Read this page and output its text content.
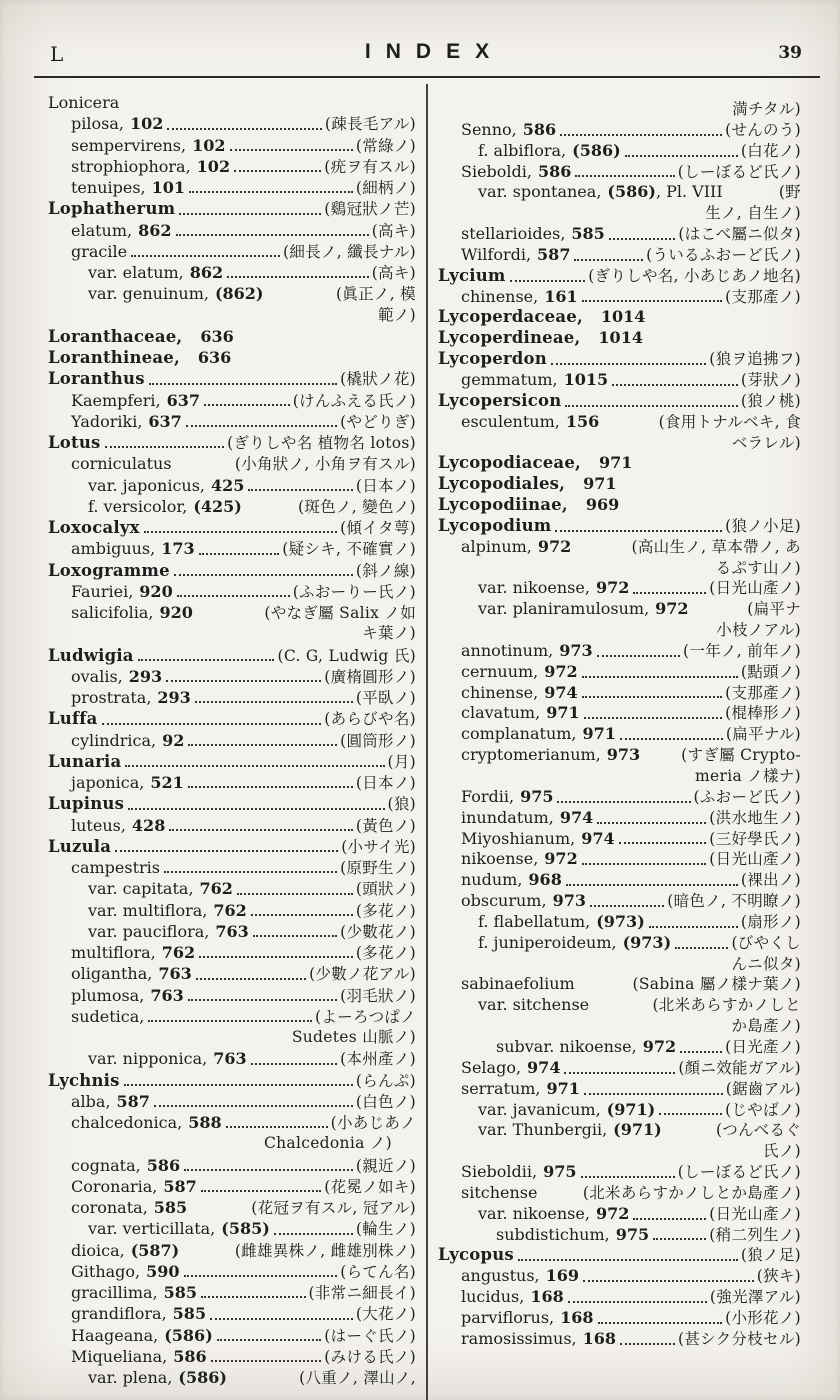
L	INDEX	39
Lonicera
pilosa, 102	(疎長毛アル)
sempervirens, 102	(常綠ノ)
strophiophora, 102	(疣ヲ有スル)
tenuipes, 101	(細柄ノ)
Lophatherum	(鷄冠狀ノ芒)
elatum, 862	(高キ)
gracile	(細長ノ, 纖長ナル)
var. elatum, 862	(高キ)
var. genuinum, (862)	(眞正ノ, 模
範ノ)
Loranthaceae, 636
Loranthineae, 636
Loranthus	(橇狀ノ花)
Kaempferi, 637	(けんふえる氏ノ)
Yadoriki, 637	(やどりぎ)
Lotus	(ぎりしや名 植物名 lotos)
corniculatus	(小角狀ノ, 小角ヲ有スル)
var. japonicus, 425	(日本ノ)
f. versicolor, (425)	(斑色ノ, 變色ノ)
Loxocalyx	(傾イタ萼)
ambiguus, 173	(疑シキ, 不確實ノ)
Loxogramme	(斜ノ線)
Fauriei, 920	(ふおーりー氏ノ)
salicifolia, 920	(やなぎ屬 Salix ノ如
キ葉ノ)
Ludwigia	(C. G, Ludwig 氏)
ovalis, 293	(廣楕圓形ノ)
prostrata, 293	(平臥ノ)
Luffa	(あらびや名)
cylindrica, 92	(圓筒形ノ)
Lunaria	(月)
japonica, 521	(日本ノ)
Lupinus	(狼)
luteus, 428	(黃色ノ)
Luzula	(小サイ光)
campestris	(原野生ノ)
var. capitata, 762	(頭狀ノ)
var. multiflora, 762	(多花ノ)
var. pauciflora, 763	(少數花ノ)
multiflora, 762	(多花ノ)
oligantha, 763	(少數ノ花アル)
plumosa, 763	(羽毛狀ノ)
sudetica,	(よーろつぱノ
Sudetes 山脈ノ)
var. nipponica, 763	(本州產ノ)
Lychnis	(らんぷ)
alba, 587	(白色ノ)
chalcedonica, 588	(小あじあノ
Chalcedonia ノ)
cognata, 586	(親近ノ)
Coronaria, 587	(花冕ノ如キ)
coronata, 585	(花冠ヲ有スル, 冠アル)
var. verticillata, (585)	(輪生ノ)
dioica, (587)	(雌雄異株ノ, 雌雄別株ノ)
Githago, 590	(らてん名)
gracillima, 585	(非常ニ細長イ)
grandiflora, 585	(大花ノ)
Haageana, (586)	(はーぐ氏ノ)
Miqueliana, 586	(みける氏ノ)
var. plena, (586)	(八重ノ, 澤山ノ,
満チタル)
Senno, 586	(せんのう)
f. albiflora, (586)	(白花ノ)
Sieboldi, 586	(しーぼるど氏ノ)
var. spontanea, (586) , Pl. VIII	(野
生ノ, 自生ノ)
stellarioides, 585	(はこべ屬ニ似タ)
Wilfordi, 587	(ういるふおーど氏ノ)
Lycium	(ぎりしや名, 小あじあノ地名)
chinense, 161	(支那產ノ)
Lycoperdaceae, 1014
Lycoperdineae, 1014
Lycoperdon	(狼ヲ追拂フ)
gemmatum, 1015	(芽狀ノ)
Lycopersicon	(狼ノ桃)
esculentum, 156	(食用トナルベキ, 食
ベラレル)
Lycopodiaceae, 971
Lycopodiales, 971
Lycopodiinae, 969
Lycopodium	(狼ノ小足)
alpinum, 972	(高山生ノ, 草本帶ノ, あ
るぷす山ノ)
var. nikoense, 972	(日光山產ノ)
var. planiramulosum, 972	(扁平ナ
小枝ノアル)
annotinum, 973	(一年ノ, 前年ノ)
cernuum, 972	(點頭ノ)
chinense, 974	(支那產ノ)
clavatum, 971	(棍棒形ノ)
complanatum, 971	(扁平ナル)
cryptomerianum, 973	(すぎ屬 Crypto-
meria ノ樣ナ)
Fordii, 975	(ふおーど氏ノ)
inundatum, 974	(洪水地生ノ)
Miyoshianum, 974	(三好學氏ノ)
nikoense, 972	(日光山產ノ)
nudum, 968	(裸出ノ)
obscurum, 973	(暗色ノ, 不明瞭ノ)
f. flabellatum, (973)	(扇形ノ)
f. juniperoideum, (973)	(びやくし
んニ似タ)
sabinaefolium	(Sabina 屬ノ樣ナ葉ノ)
var. sitchense	(北米あらすかノしと
か島產ノ)
subvar. nikoense, 972	(日光產ノ)
Selago, 974	(顏ニ效能ガアル)
serratum, 971	(鋸齒アル)
var. javanicum, (971)	(じやばノ)
var. Thunbergii, (971)	(つんべるぐ
氏ノ)
Sieboldii, 975	(しーぼるど氏ノ)
sitchense	(北米あらすかノしとか島產ノ)
var. nikoense, 972	(日光山產ノ)
subdistichum, 975	(稍二列生ノ)
Lycopus	(狼ノ足)
angustus, 169	(狹キ)
lucidus, 168	(強光澤アル)
parviflorus, 168	(小形花ノ)
ramosissimus, 168	(甚シク分枝セル)
